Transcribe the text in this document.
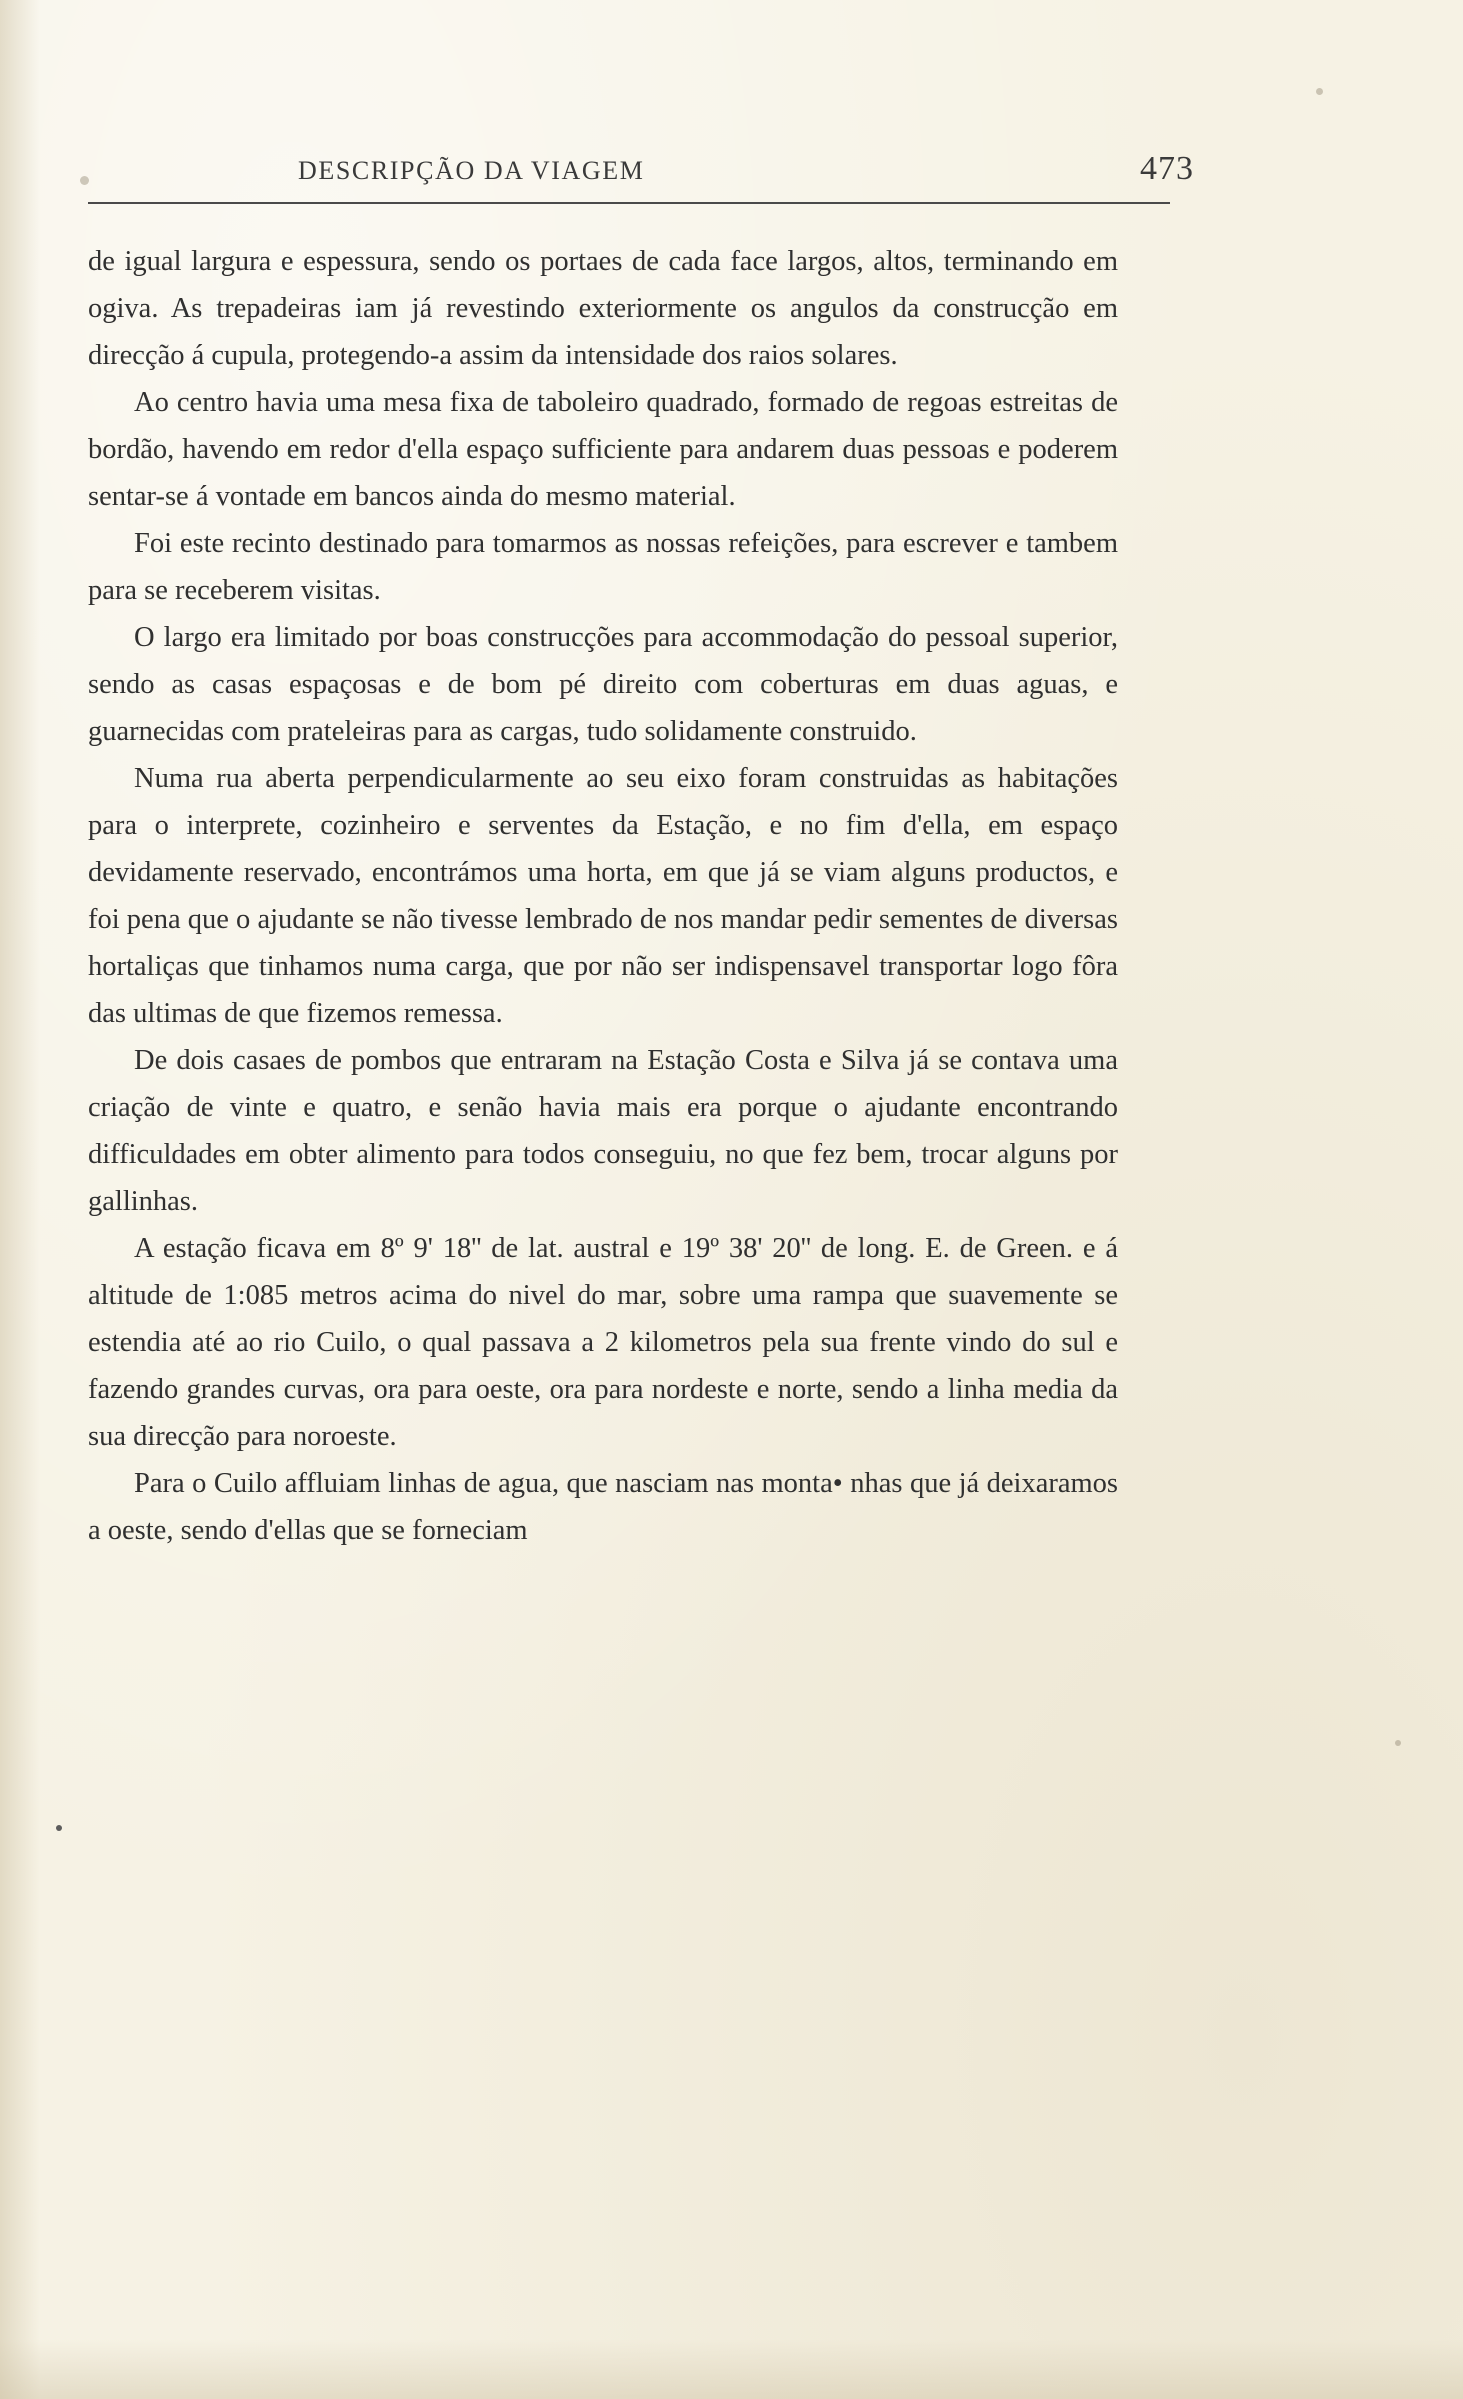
DESCRIPÇÃO DA VIAGEM	473

de igual largura e espessura, sendo os portaes de cada face largos, altos, terminando em ogiva. As trepadeiras iam já revestindo exteriormente os angulos da construcção em direcção á cupula, protegendo-a assim da intensidade dos raios solares.

Ao centro havia uma mesa fixa de taboleiro quadrado, formado de regoas estreitas de bordão, havendo em redor d'ella espaço sufficiente para andarem duas pessoas e poderem sentar-se á vontade em bancos ainda do mesmo material.

Foi este recinto destinado para tomarmos as nossas refeições, para escrever e tambem para se receberem visitas.

O largo era limitado por boas construcções para accommodação do pessoal superior, sendo as casas espaçosas e de bom pé direito com coberturas em duas aguas, e guarnecidas com prateleiras para as cargas, tudo solidamente construido.

Numa rua aberta perpendicularmente ao seu eixo foram construidas as habitações para o interprete, cozinheiro e serventes da Estação, e no fim d'ella, em espaço devidamente reservado, encontrámos uma horta, em que já se viam alguns productos, e foi pena que o ajudante se não tivesse lembrado de nos mandar pedir sementes de diversas hortaliças que tinhamos numa carga, que por não ser indispensavel transportar logo fôra das ultimas de que fizemos remessa.

De dois casaes de pombos que entraram na Estação Costa e Silva já se contava uma criação de vinte e quatro, e senão havia mais era porque o ajudante encontrando difficuldades em obter alimento para todos conseguiu, no que fez bem, trocar alguns por gallinhas.

A estação ficava em 8º 9' 18'' de lat. austral e 19º 38' 20'' de long. E. de Green. e á altitude de 1:085 metros acima do nivel do mar, sobre uma rampa que suavemente se estendia até ao rio Cuilo, o qual passava a 2 kilometros pela sua frente vindo do sul e fazendo grandes curvas, ora para oeste, ora para nordeste e norte, sendo a linha media da sua direcção para noroeste.

Para o Cuilo affluiam linhas de agua, que nasciam nas monta• nhas que já deixaramos a oeste, sendo d'ellas que se forneciam
